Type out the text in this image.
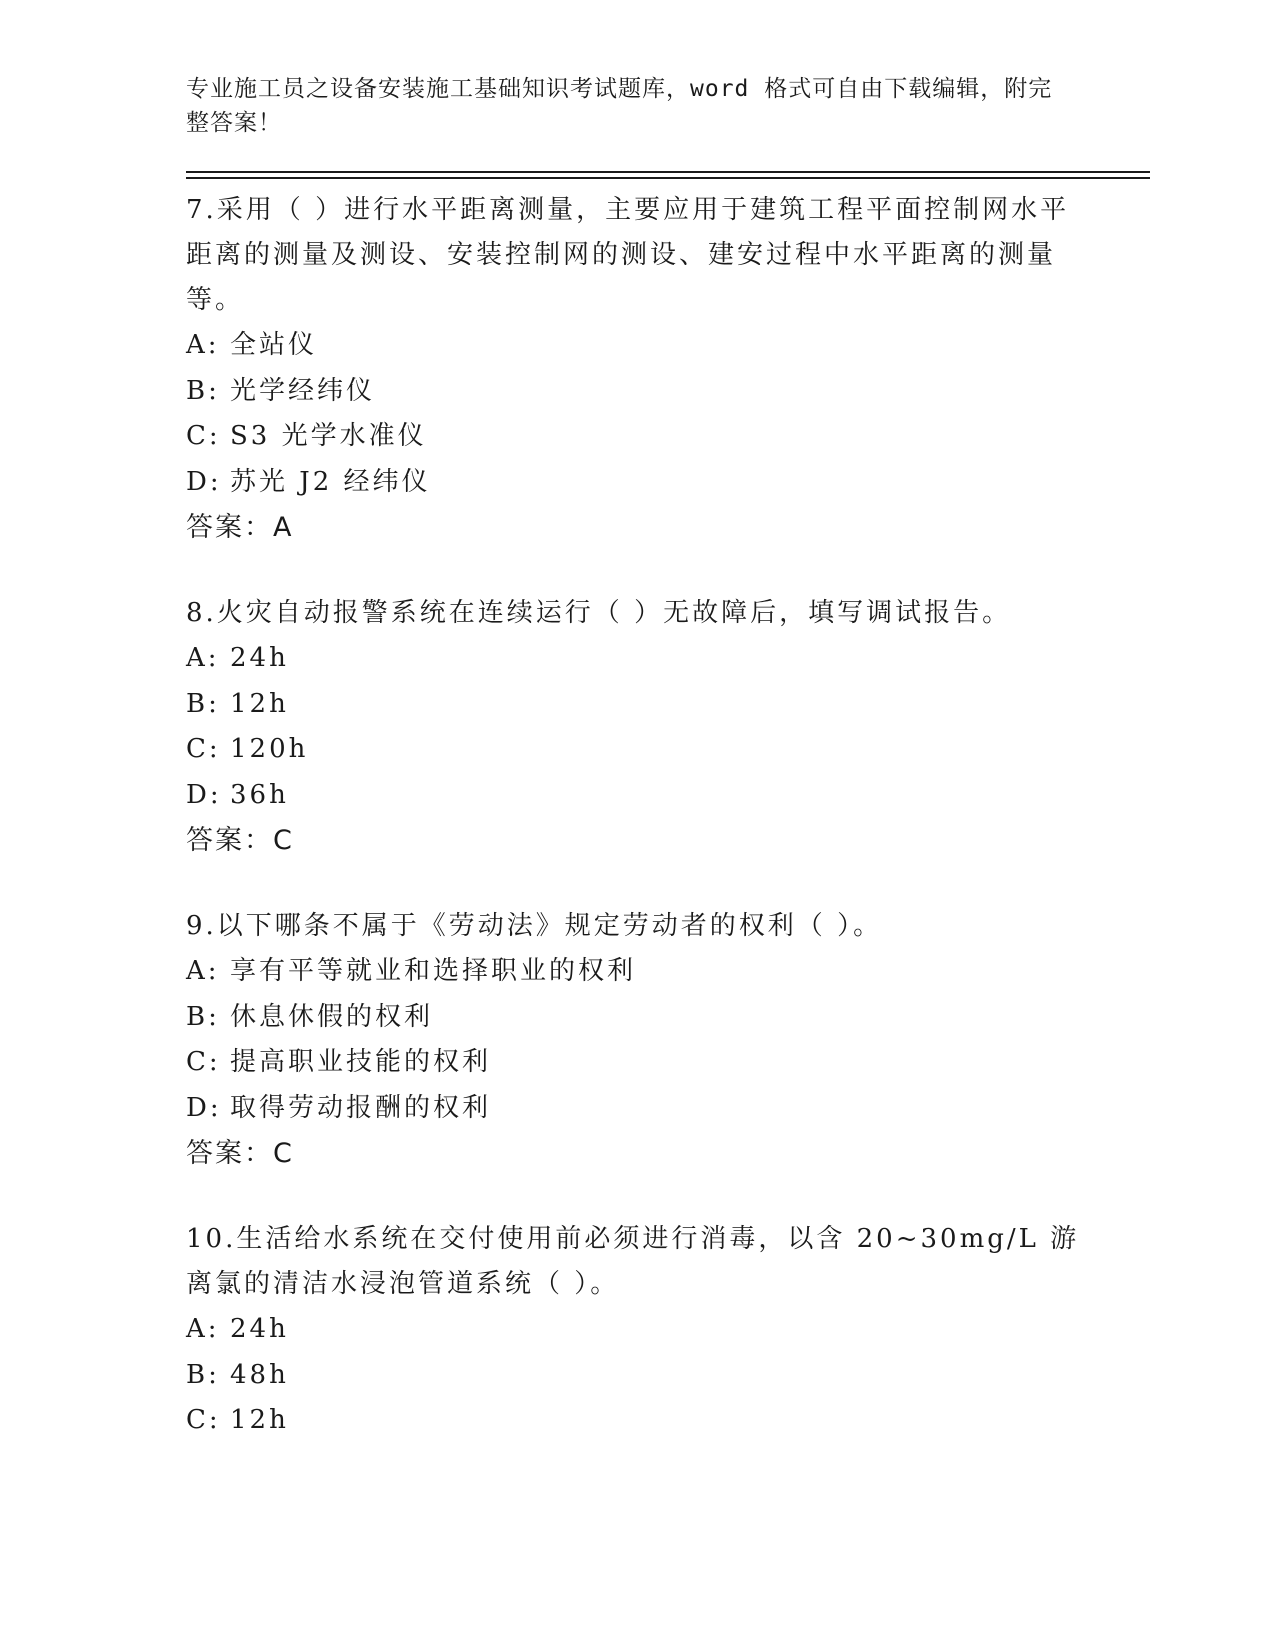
专业施工员之设备安装施工基础知识考试题库，word 格式可自由下载编辑，附完整答案！

7.采用（ ）进行水平距离测量，主要应用于建筑工程平面控制网水平距离的测量及测设、安装控制网的测设、建安过程中水平距离的测量等。

A: 全站仪
B: 光学经纬仪
C: S3 光学水准仪
D: 苏光 J2 经纬仪

答案：A

8.火灾自动报警系统在连续运行（ ）无故障后，填写调试报告。

A: 24h
B: 12h
C: 120h
D: 36h

答案：C

9.以下哪条不属于《劳动法》规定劳动者的权利（ ）。

A: 享有平等就业和选择职业的权利
B: 休息休假的权利
C: 提高职业技能的权利
D: 取得劳动报酬的权利

答案：C

10.生活给水系统在交付使用前必须进行消毒，以含 20~30mg/L 游离氯的清洁水浸泡管道系统（ ）。

A: 24h
B: 48h
C: 12h
